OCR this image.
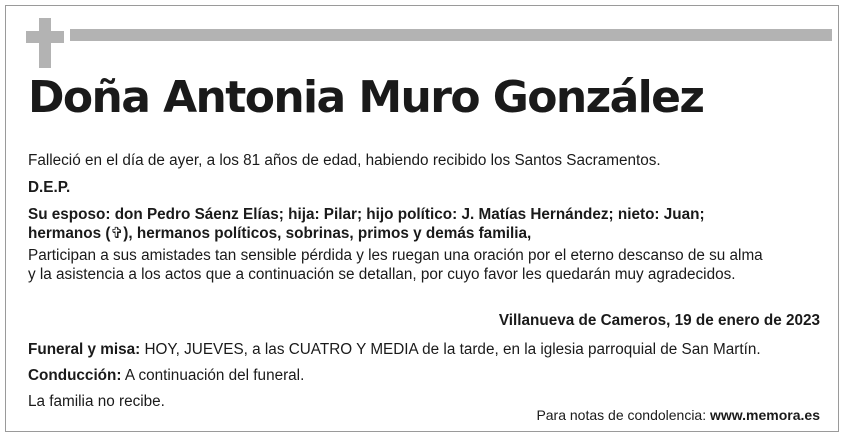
Doña Antonia Muro González
Falleció en el día de ayer, a los 81 años de edad, habiendo recibido los Santos Sacramentos.
D.E.P.
Su esposo: don Pedro Sáenz Elías; hija: Pilar; hijo político: J. Matías Hernández; nieto: Juan;
hermanos (✞), hermanos políticos, sobrinas, primos y demás familia,
Participan a sus amistades tan sensible pérdida y les ruegan una oración por el eterno descanso de su alma
y la asistencia a los actos que a continuación se detallan, por cuyo favor les quedarán muy agradecidos.
Villanueva de Cameros, 19 de enero de 2023
Funeral y misa: HOY, JUEVES, a las CUATRO Y MEDIA de la tarde, en la iglesia parroquial de San Martín.
Conducción: A continuación del funeral.
La familia no recibe.
Para notas de condolencia: www.memora.es
